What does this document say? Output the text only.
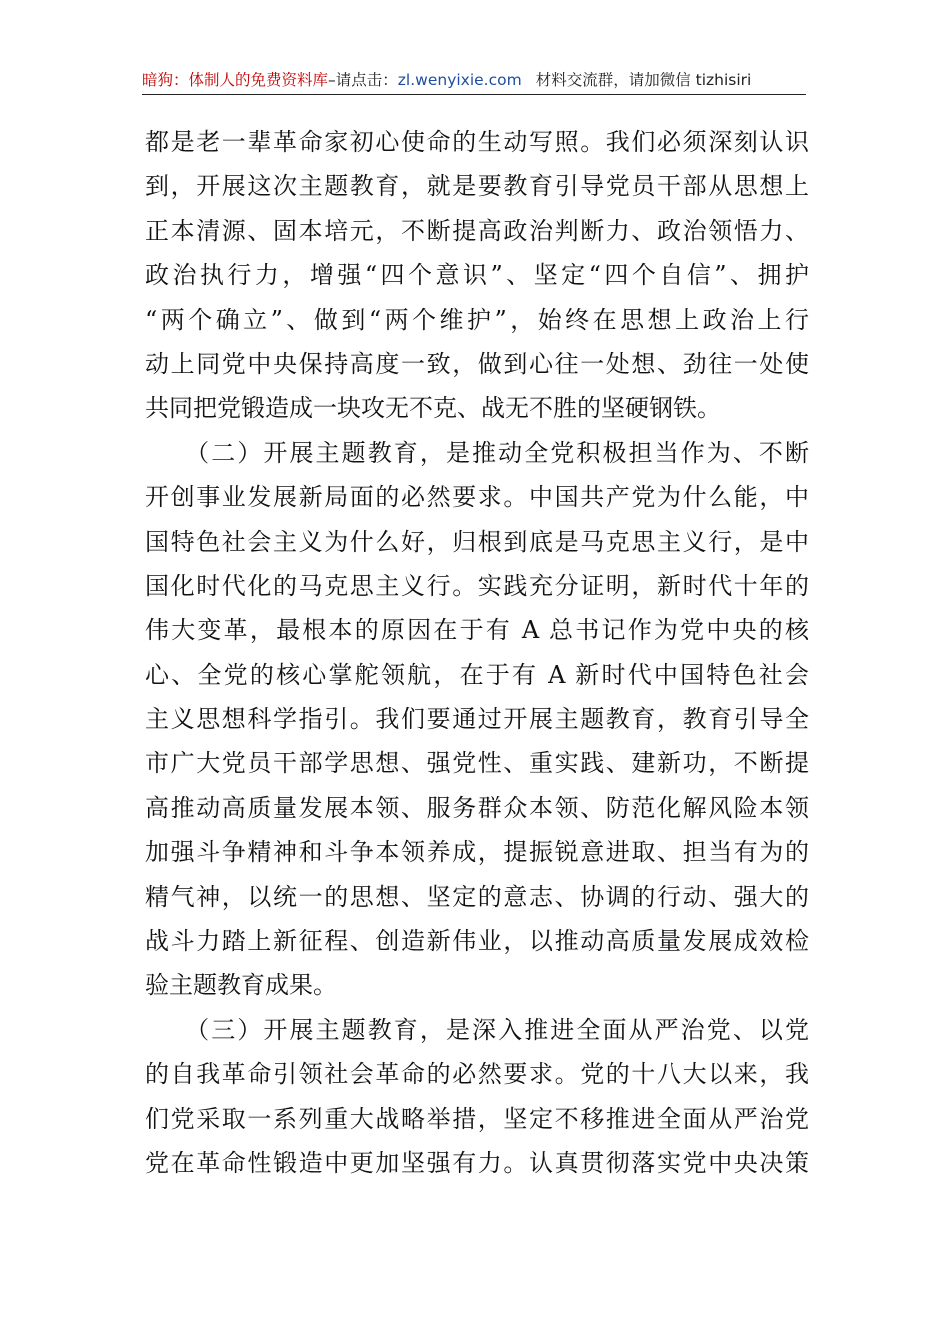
暗狗：体制人的免费资料库–请点击：zl.wenyixie.com 材料交流群，请加微信 tizhisiri
都是老一辈革命家初心使命的生动写照。我们必须深刻认识
到，开展这次主题教育，就是要教育引导党员干部从思想上
正本清源、固本培元，不断提高政治判断力、政治领悟力、
政治执行力，增强“四个意识”、坚定“四个自信”、拥护
“两个确立”、做到“两个维护”，始终在思想上政治上行
动上同党中央保持高度一致，做到心往一处想、劲往一处使
共同把党锻造成一块攻无不克、战无不胜的坚硬钢铁。
　　（二）开展主题教育，是推动全党积极担当作为、不断
开创事业发展新局面的必然要求。中国共产党为什么能，中
国特色社会主义为什么好，归根到底是马克思主义行，是中
国化时代化的马克思主义行。实践充分证明，新时代十年的
伟大变革，最根本的原因在于有 A 总书记作为党中央的核
心、全党的核心掌舵领航，在于有 A 新时代中国特色社会
主义思想科学指引。我们要通过开展主题教育，教育引导全
市广大党员干部学思想、强党性、重实践、建新功，不断提
高推动高质量发展本领、服务群众本领、防范化解风险本领
加强斗争精神和斗争本领养成，提振锐意进取、担当有为的
精气神，以统一的思想、坚定的意志、协调的行动、强大的
战斗力踏上新征程、创造新伟业，以推动高质量发展成效检
验主题教育成果。
　　（三）开展主题教育，是深入推进全面从严治党、以党
的自我革命引领社会革命的必然要求。党的十八大以来，我
们党采取一系列重大战略举措，坚定不移推进全面从严治党
党在革命性锻造中更加坚强有力。认真贯彻落实党中央决策
